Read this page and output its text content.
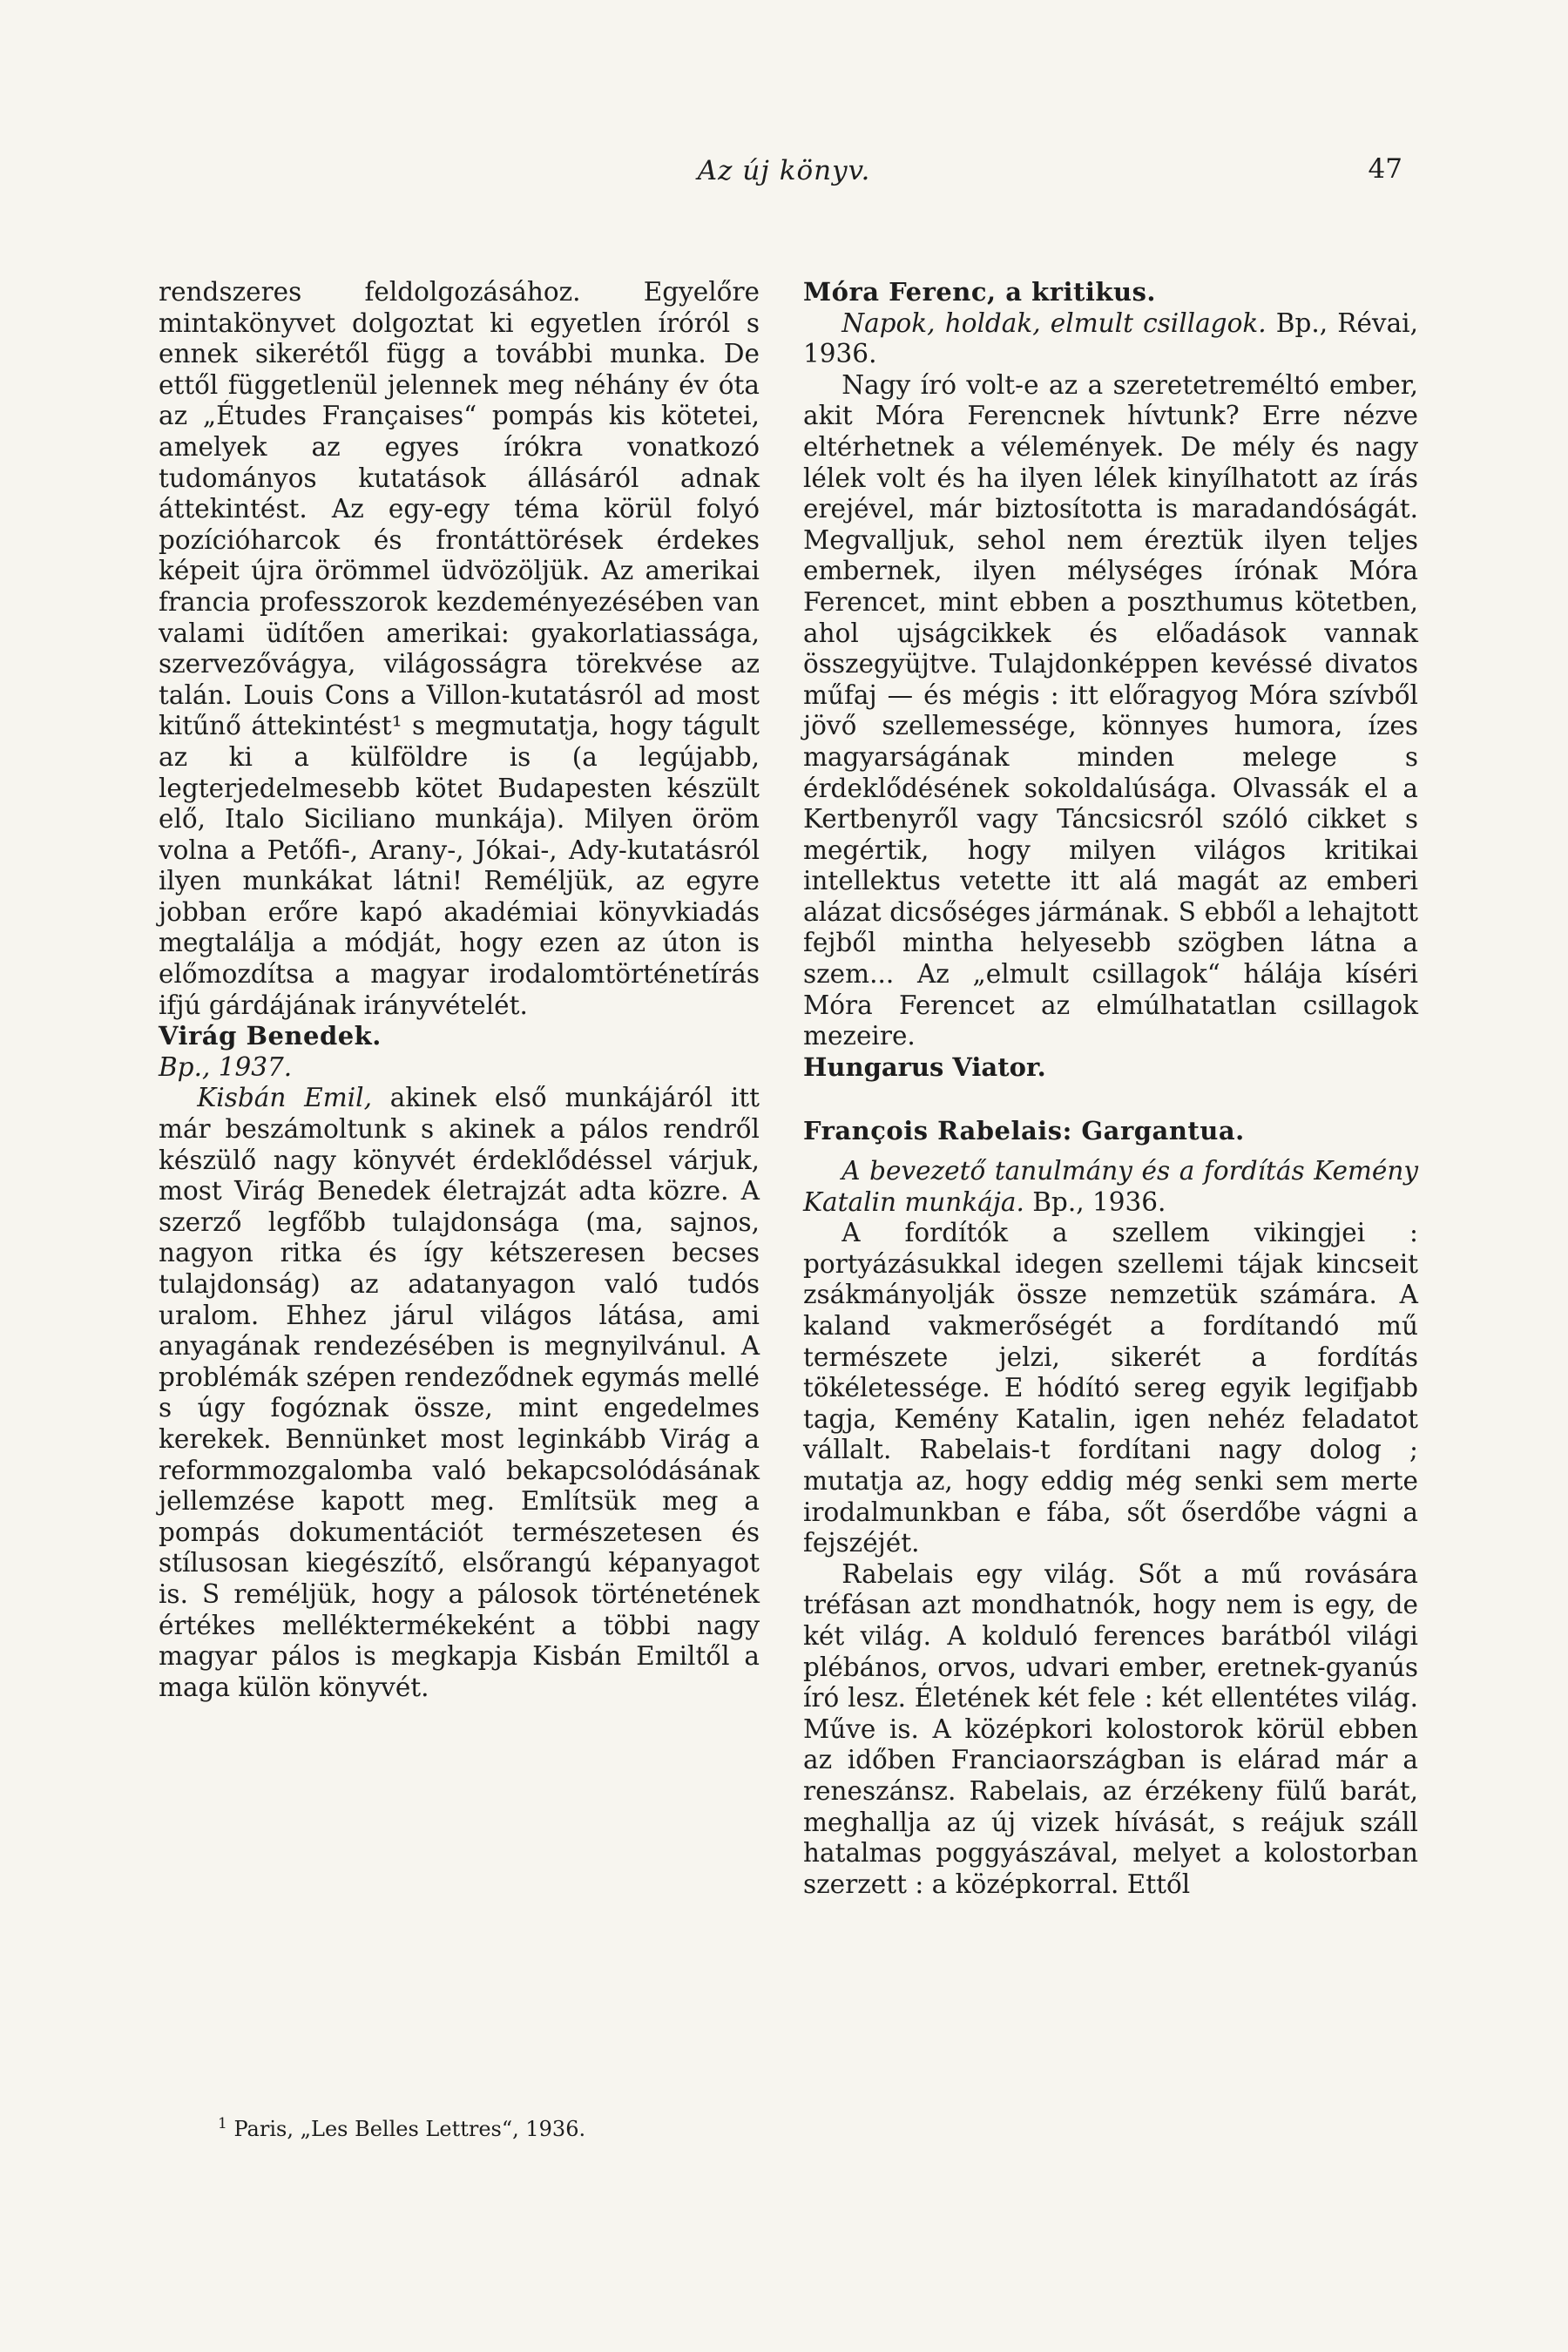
Az új könyv.	47

rendszeres feldolgozásához. Egyelőre mintakönyvet dolgoztat ki egyetlen íróról s ennek sikerétől függ a további munka. De ettől függetlenül jelennek meg néhány év óta az „Études Françaises“ pompás kis kötetei, amelyek az egyes írókra vonatkozó tudományos kutatások állásáról adnak áttekintést. Az egy-egy téma körül folyó pozícióharcok és frontáttörések érdekes képeit újra örömmel üdvözöljük. Az amerikai francia professzorok kezdeményezésében van valami üdítően amerikai: gyakorlatiassága, szervezővágya, világosságra törekvése az talán. Louis Cons a Villon-kutatásról ad most kitűnő áttekintést¹ s megmutatja, hogy tágult az ki a külföldre is (a legújabb, legterjedelmesebb kötet Budapesten készült elő, Italo Siciliano munkája). Milyen öröm volna a Petőfi-, Arany-, Jókai-, Ady-kutatásról ilyen munkákat látni! Reméljük, az egyre jobban erőre kapó akadémiai könyvkiadás megtalálja a módját, hogy ezen az úton is előmozdítsa a magyar irodalomtörténetírás ifjú gárdájának irányvételét.

Virág Benedek.

Bp., 1937.

Kisbán Emil, akinek első munkájáról itt már beszámoltunk s akinek a pálos rendről készülő nagy könyvét érdeklődéssel várjuk, most Virág Benedek életrajzát adta közre. A szerző legfőbb tulajdonsága (ma, sajnos, nagyon ritka és így kétszeresen becses tulajdonság) az adatanyagon való tudós uralom. Ehhez járul világos látása, ami anyagának rendezésében is megnyilvánul. A problémák szépen rendeződnek egymás mellé s úgy fogóznak össze, mint engedelmes kerekek. Bennünket most leginkább Virág a reformmozgalomba való bekapcsolódásának jellemzése kapott meg. Említsük meg a pompás dokumentációt természetesen és stílusosan kiegészítő, elsőrangú képanyagot is. S reméljük, hogy a pálosok történetének értékes melléktermékeként a többi nagy magyar pálos is megkapja Kisbán Emiltől a maga külön könyvét.

$^1$ Paris, „Les Belles Lettres“, 1936.

Móra Ferenc, a kritikus.

Napok, holdak, elmult csillagok. Bp., Révai, 1936.

Nagy író volt-e az a szeretetreméltó ember, akit Móra Ferencnek hívtunk? Erre nézve eltérhetnek a vélemények. De mély és nagy lélek volt és ha ilyen lélek kinyílhatott az írás erejével, már biztosította is maradandóságát. Megvalljuk, sehol nem éreztük ilyen teljes embernek, ilyen mélységes írónak Móra Ferencet, mint ebben a poszthumus kötetben, ahol ujságcikkek és előadások vannak összegyüjtve. Tulajdonképpen kevéssé divatos műfaj — és mégis : itt előragyog Móra szívből jövő szellemessége, könnyes humora, ízes magyarságának minden melege s érdeklődésének sokoldalúsága. Olvassák el a Kertbenyről vagy Táncsicsról szóló cikket s megértik, hogy milyen világos kritikai intellektus vetette itt alá magát az emberi alázat dicsőséges jármának. S ebből a lehajtott fejből mintha helyesebb szögben látna a szem... Az „elmult csillagok“ hálája kíséri Móra Ferencet az elmúlhatatlan csillagok mezeire.

Hungarus Viator.

François Rabelais: Gargantua.

A bevezető tanulmány és a fordítás Kemény Katalin munkája. Bp., 1936.

A fordítók a szellem vikingjei : portyázásukkal idegen szellemi tájak kincseit zsákmányolják össze nemzetük számára. A kaland vakmerőségét a fordítandó mű természete jelzi, sikerét a fordítás tökéletessége. E hódító sereg egyik legifjabb tagja, Kemény Katalin, igen nehéz feladatot vállalt. Rabelais-t fordítani nagy dolog ; mutatja az, hogy eddig még senki sem merte irodalmunkban e fába, sőt őserdőbe vágni a fejszéjét.

Rabelais egy világ. Sőt a mű rovására tréfásan azt mondhatnók, hogy nem is egy, de két világ. A kolduló ferences barátból világi plébános, orvos, udvari ember, eretnek-gyanús író lesz. Életének két fele : két ellentétes világ. Műve is. A középkori kolostorok körül ebben az időben Franciaországban is elárad már a reneszánsz. Rabelais, az érzékeny fülű barát, meghallja az új vizek hívását, s reájuk száll hatalmas poggyászával, melyet a kolostorban szerzett : a középkorral. Ettől
